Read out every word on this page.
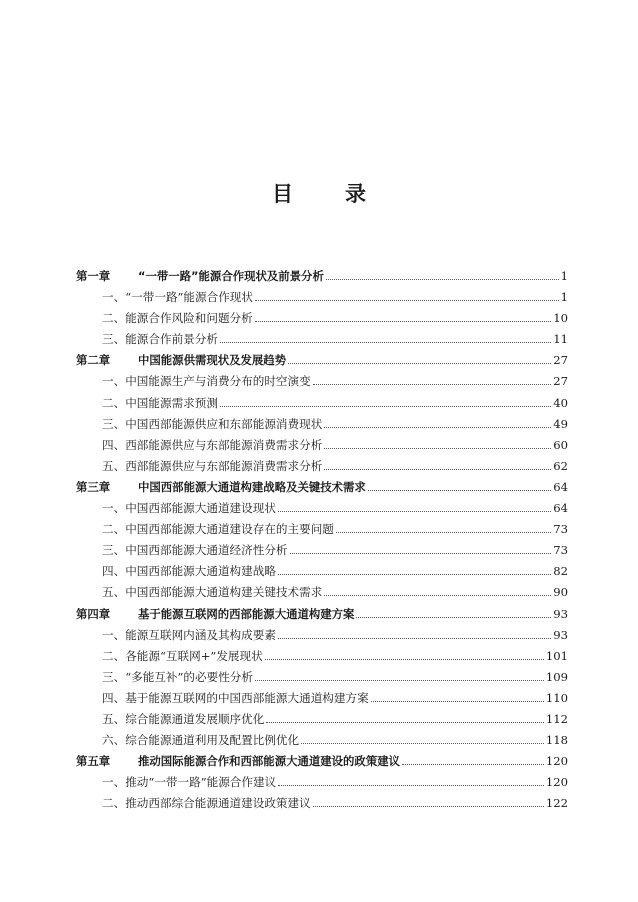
目 录
第一章	“一带一路”能源合作现状及前景分析	1
一、 “一带一路”能源合作现状	1
二、 能源合作风险和问题分析	10
三、 能源合作前景分析	11
第二章	中国能源供需现状及发展趋势	27
一、 中国能源生产与消费分布的时空演变	27
二、 中国能源需求预测	40
三、 中国西部能源供应和东部能源消费现状	49
四、 西部能源供应与东部能源消费需求分析	60
五、 西部能源供应与东部能源消费需求分析	62
第三章	中国西部能源大通道构建战略及关键技术需求	64
一、 中国西部能源大通道建设现状	64
二、 中国西部能源大通道建设存在的主要问题	73
三、 中国西部能源大通道经济性分析	73
四、 中国西部能源大通道构建战略	82
五、 中国西部能源大通道构建关键技术需求	90
第四章	基于能源互联网的西部能源大通道构建方案	93
一、 能源互联网内涵及其构成要素	93
二、 各能源“互联网+”发展现状	101
三、 “多能互补”的必要性分析	109
四、 基于能源互联网的中国西部能源大通道构建方案	110
五、 综合能源通道发展顺序优化	112
六、 综合能源通道利用及配置比例优化	118
第五章	推动国际能源合作和西部能源大通道建设的政策建议	120
一、 推动“一带一路”能源合作建议	120
二、 推动西部综合能源通道建设政策建议	122
